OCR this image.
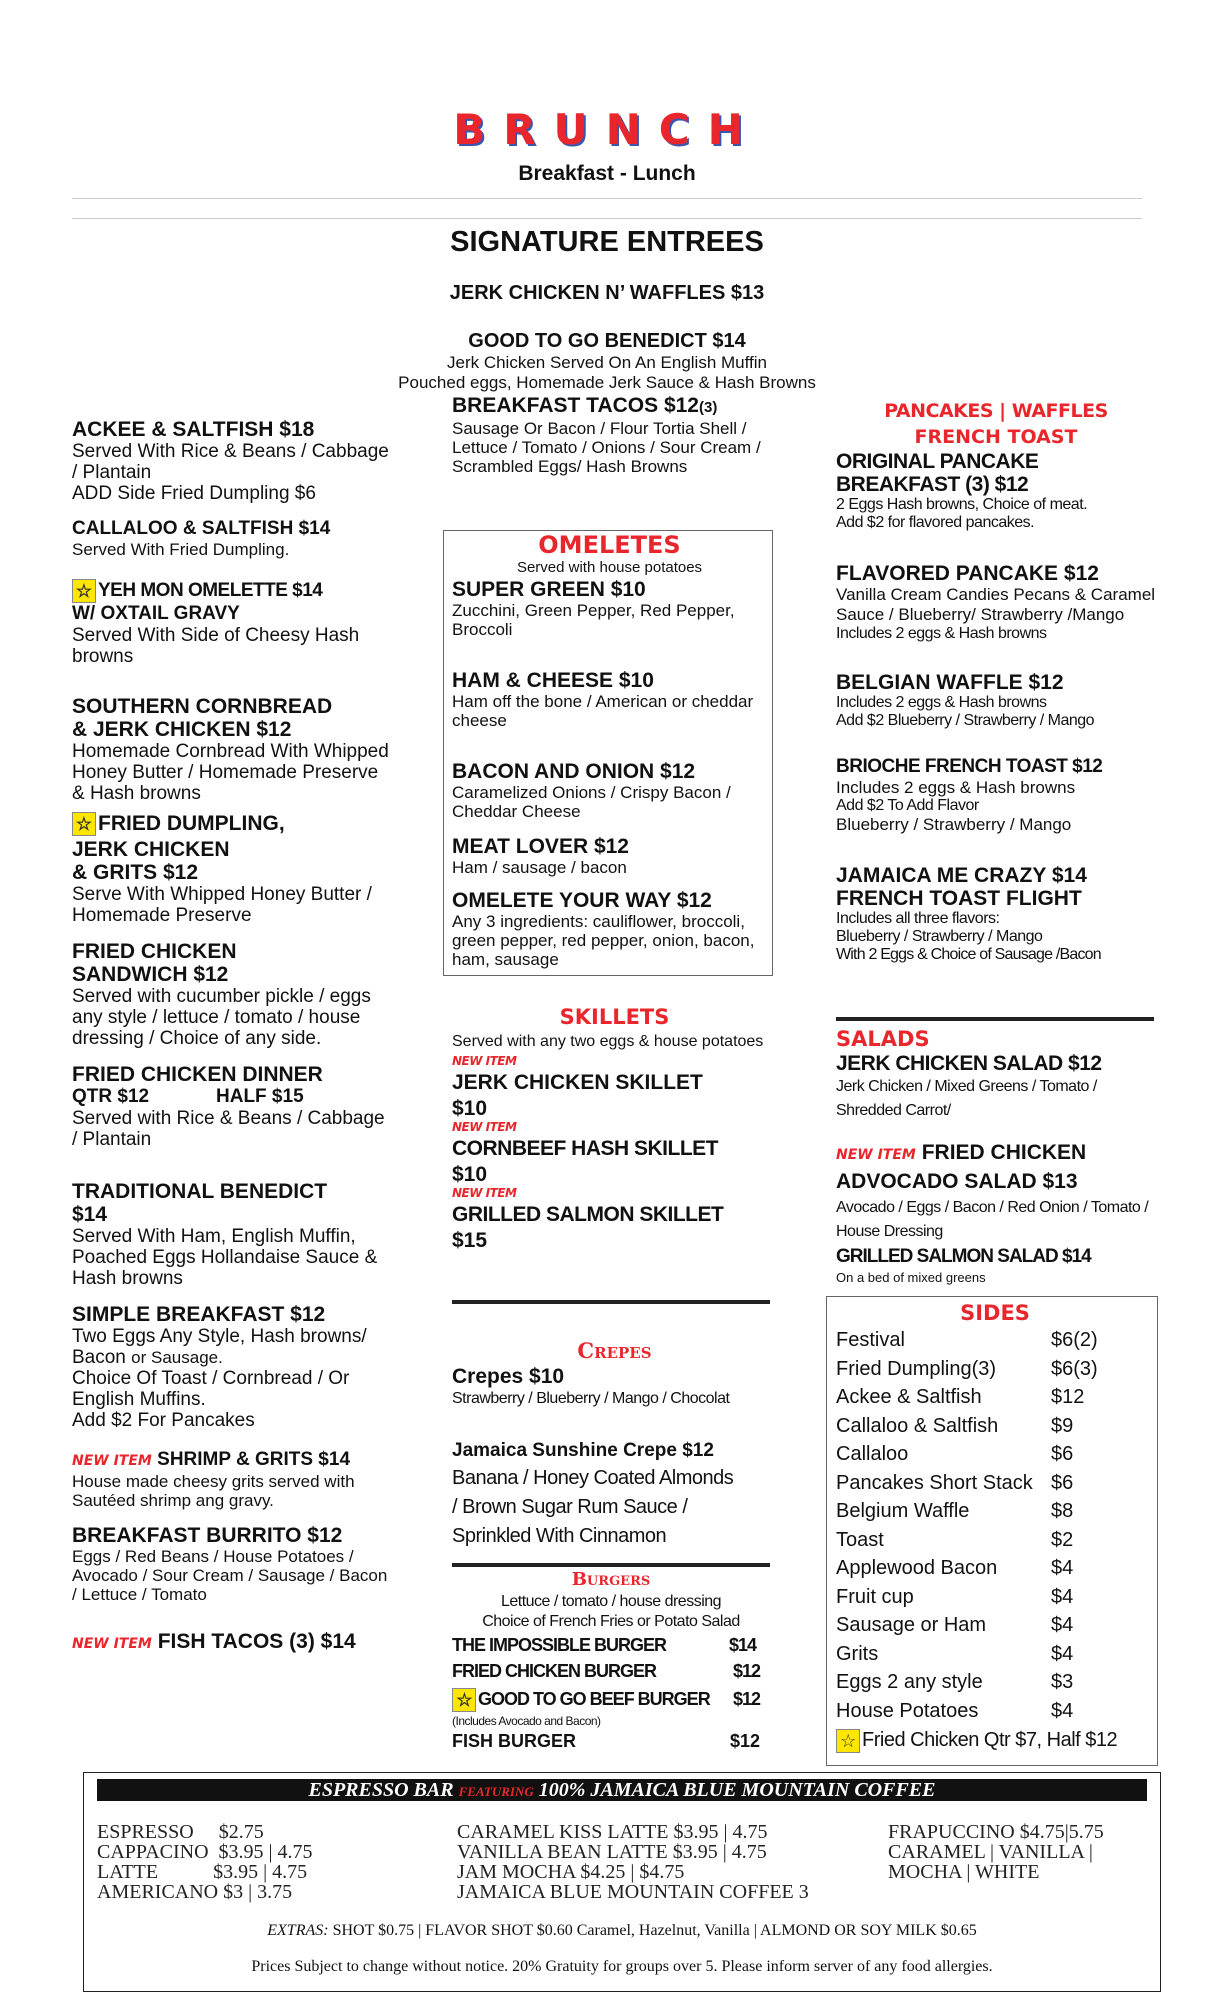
BRUNCH
Breakfast - Lunch
SIGNATURE ENTREES
JERK CHICKEN N’ WAFFLES $13
GOOD TO GO BENEDICT $14
Jerk Chicken Served On An English Muffin
Pouched eggs, Homemade Jerk Sauce & Hash Browns
ACKEE & SALTFISH $18
Served With Rice & Beans / Cabbage / Plantain
ADD Side Fried Dumpling $6
CALLALOO & SALTFISH $14
Served With Fried Dumpling.
☆ YEH MON OMELETTE $14
W/ OXTAIL GRAVY
Served With Side of Cheesy Hash browns
SOUTHERN CORNBREAD
& JERK CHICKEN $12
Homemade Cornbread With Whipped Honey Butter / Homemade Preserve & Hash browns
☆ FRIED DUMPLING,
JERK CHICKEN
& GRITS $12
Serve With Whipped Honey Butter / Homemade Preserve
FRIED CHICKEN
SANDWICH $12
Served with cucumber pickle / eggs any style / lettuce / tomato / house dressing / Choice of any side.
FRIED CHICKEN DINNER
QTR $12	HALF $15
Served with Rice & Beans / Cabbage / Plantain
TRADITIONAL BENEDICT
$14
Served With Ham, English Muffin, Poached Eggs Hollandaise Sauce & Hash browns
SIMPLE BREAKFAST $12
Two Eggs Any Style, Hash browns/ Bacon or Sausage.
Choice Of Toast / Cornbread / Or English Muffins.
Add $2 For Pancakes
NEW ITEM SHRIMP & GRITS $14
House made cheesy grits served with Sautéed shrimp ang gravy.
BREAKFAST BURRITO $12
Eggs / Red Beans / House Potatoes / Avocado / Sour Cream / Sausage / Bacon / Lettuce / Tomato
NEW ITEM FISH TACOS (3) $14
BREAKFAST TACOS $12(3)
Sausage Or Bacon / Flour Tortia Shell / Lettuce / Tomato / Onions / Sour Cream / Scrambled Eggs/ Hash Browns
OMELETES
Served with house potatoes
SUPER GREEN $10
Zucchini, Green Pepper, Red Pepper, Broccoli
HAM & CHEESE $10
Ham off the bone / American or cheddar cheese
BACON AND ONION $12
Caramelized Onions / Crispy Bacon / Cheddar Cheese
MEAT LOVER $12
Ham / sausage / bacon
OMELETE YOUR WAY $12
Any 3 ingredients: cauliflower, broccoli, green pepper, red pepper, onion, bacon, ham, sausage
SKILLETS
Served with any two eggs & house potatoes
NEW ITEM
JERK CHICKEN SKILLET
$10
NEW ITEM
CORNBEEF HASH SKILLET
$10
NEW ITEM
GRILLED SALMON SKILLET
$15
Crepes
Crepes $10
Strawberry / Blueberry / Mango / Chocolat
Jamaica Sunshine Crepe $12
Banana / Honey Coated Almonds
/ Brown Sugar Rum Sauce /
Sprinkled With Cinnamon
Burgers
Lettuce / tomato / house dressing
Choice of French Fries or Potato Salad
THE IMPOSSIBLE BURGER	$14
FRIED CHICKEN BURGER	$12
☆ GOOD TO GO BEEF BURGER $12
(Includes Avocado and Bacon)
FISH BURGER	$12
PANCAKES | WAFFLES
FRENCH TOAST
ORIGINAL PANCAKE
BREAKFAST (3) $12
2 Eggs Hash browns, Choice of meat.
Add $2 for flavored pancakes.
FLAVORED PANCAKE $12
Vanilla Cream Candies Pecans & Caramel Sauce / Blueberry/ Strawberry /Mango
Includes 2 eggs & Hash browns
BELGIAN WAFFLE $12
Includes 2 eggs & Hash browns
Add $2 Blueberry / Strawberry / Mango
BRIOCHE FRENCH TOAST $12
Includes 2 eggs & Hash browns
Add $2 To Add Flavor
Blueberry / Strawberry / Mango
JAMAICA ME CRAZY $14
FRENCH TOAST FLIGHT
Includes all three flavors:
Blueberry / Strawberry / Mango
With 2 Eggs & Choice of Sausage /Bacon
SALADS
JERK CHICKEN SALAD $12
Jerk Chicken / Mixed Greens / Tomato / Shredded Carrot/
NEW ITEM FRIED CHICKEN
ADVOCADO SALAD $13
Avocado / Eggs / Bacon / Red Onion / Tomato / House Dressing
GRILLED SALMON SALAD $14
On a bed of mixed greens
SIDES
Festival	$6(2)
Fried Dumpling(3)	$6(3)
Ackee & Saltfish	$12
Callaloo & Saltfish	$9
Callaloo	$6
Pancakes Short Stack $6
Belgium Waffle	$8
Toast	$2
Applewood Bacon	$4
Fruit cup	$4
Sausage or Ham	$4
Grits	$4
Eggs 2 any style	$3
House Potatoes	$4
☆ Fried Chicken Qtr $7, Half $12
ESPRESSO BAR FEATURING 100% JAMAICA BLUE MOUNTAIN COFFEE
ESPRESSO     $2.75
CAPPACINO  $3.95 | 4.75
LATTE           $3.95 | 4.75
AMERICANO $3 | 3.75
CARAMEL KISS LATTE $3.95 | 4.75
VANILLA BEAN LATTE $3.95 | 4.75
JAM MOCHA $4.25 | $4.75
JAMAICA BLUE MOUNTAIN COFFEE 3
FRAPUCCINO $4.75|5.75
CARAMEL | VANILLA |
MOCHA | WHITE
EXTRAS: SHOT $0.75 | FLAVOR SHOT $0.60 Caramel, Hazelnut, Vanilla | ALMOND OR SOY MILK $0.65
Prices Subject to change without notice. 20% Gratuity for groups over 5. Please inform server of any food allergies.
